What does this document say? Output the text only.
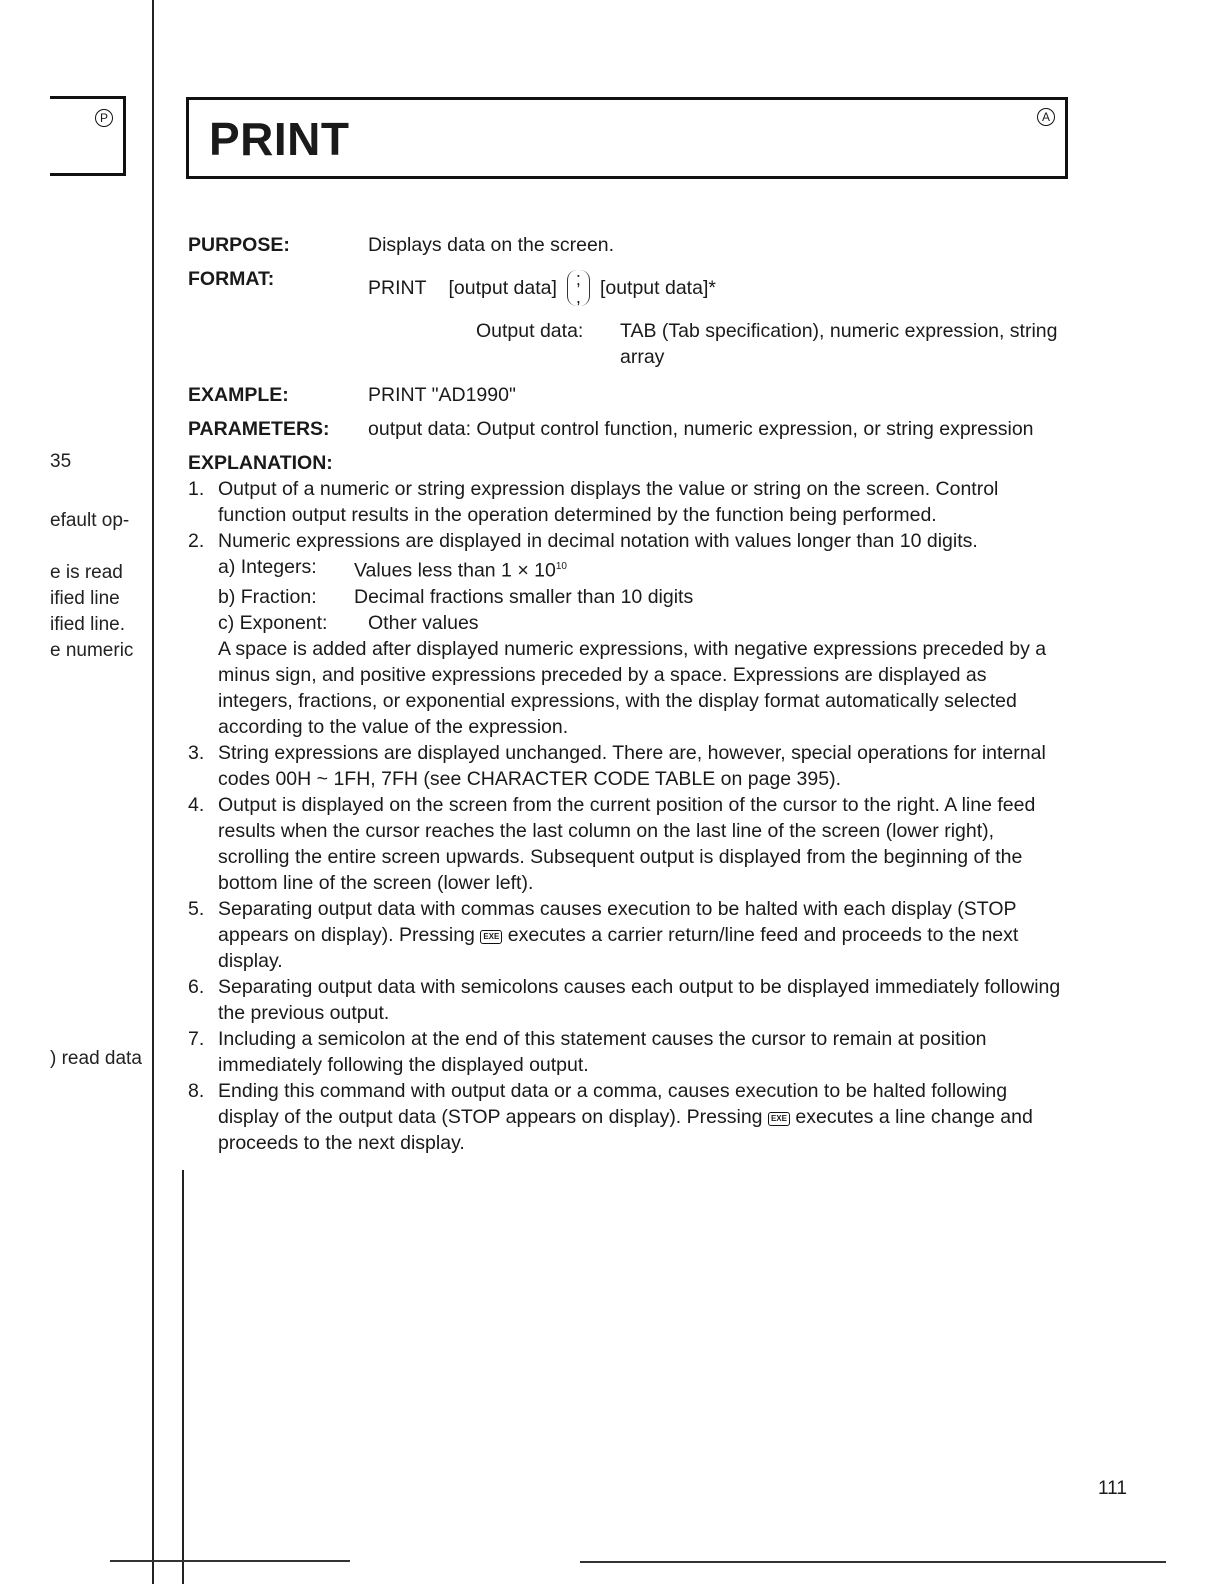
P
35
efault op-
e is read
ified line
ified line.
e numeric
) read data
PRINT	A
PURPOSE:	Displays data on the screen.
FORMAT:	PRINT [output data] ;
, [output data]*
Output data:	TAB (Tab specification), numeric expression, string array
EXAMPLE:	PRINT "AD1990"
PARAMETERS:	output data: Output control function, numeric expression, or string expression
EXPLANATION:
1. Output of a numeric or string expression displays the value or string on the screen. Control function output results in the operation determined by the function being performed.
2. Numeric expressions are displayed in decimal notation with values longer than 10 digits.
a) Integers:	Values less than $1 \times 10^{10}$
b) Fraction:	Decimal fractions smaller than 10 digits
c) Exponent:	Other values
A space is added after displayed numeric expressions, with negative expressions preceded by a minus sign, and positive expressions preceded by a space. Expressions are displayed as integers, fractions, or exponential expressions, with the display format automatically selected according to the value of the expression.
3. String expressions are displayed unchanged. There are, however, special operations for internal codes 00H ~ 1FH, 7FH (see CHARACTER CODE TABLE on page 395).
4. Output is displayed on the screen from the current position of the cursor to the right. A line feed results when the cursor reaches the last column on the last line of the screen (lower right), scrolling the entire screen upwards. Subsequent output is displayed from the beginning of the bottom line of the screen (lower left).
5. Separating output data with commas causes execution to be halted with each display (STOP appears on display). Pressing EXE executes a carrier return/line feed and proceeds to the next display.
6. Separating output data with semicolons causes each output to be displayed immediately following the previous output.
7. Including a semicolon at the end of this statement causes the cursor to remain at position immediately following the displayed output.
8. Ending this command with output data or a comma, causes execution to be halted following display of the output data (STOP appears on display). Pressing EXE executes a line change and proceeds to the next display.
111
